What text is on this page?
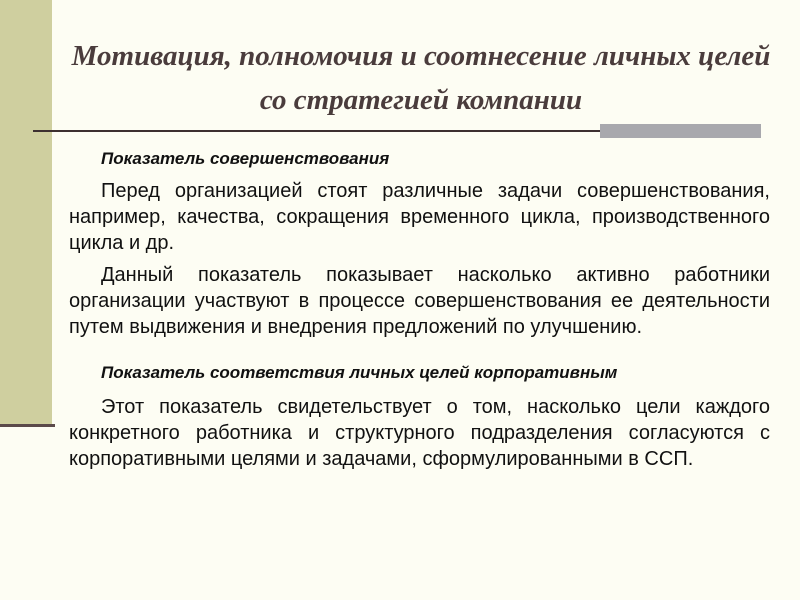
Мотивация, полномочия и соотнесение личных целей со стратегией компании

Показатель совершенствования

Перед организацией стоят различные задачи совершенствования, например, качества, сокращения временного цикла, производственного цикла и др.

Данный показатель показывает насколько активно работники организации участвуют в процессе совершенствования ее деятельности путем выдвижения и внедрения предложений по улучшению.

Показатель соответствия личных целей корпоративным

Этот показатель свидетельствует о том, насколько цели каждого конкретного работника и структурного подразделения согласуются с корпоративными целями и задачами, сформулированными в ССП.
